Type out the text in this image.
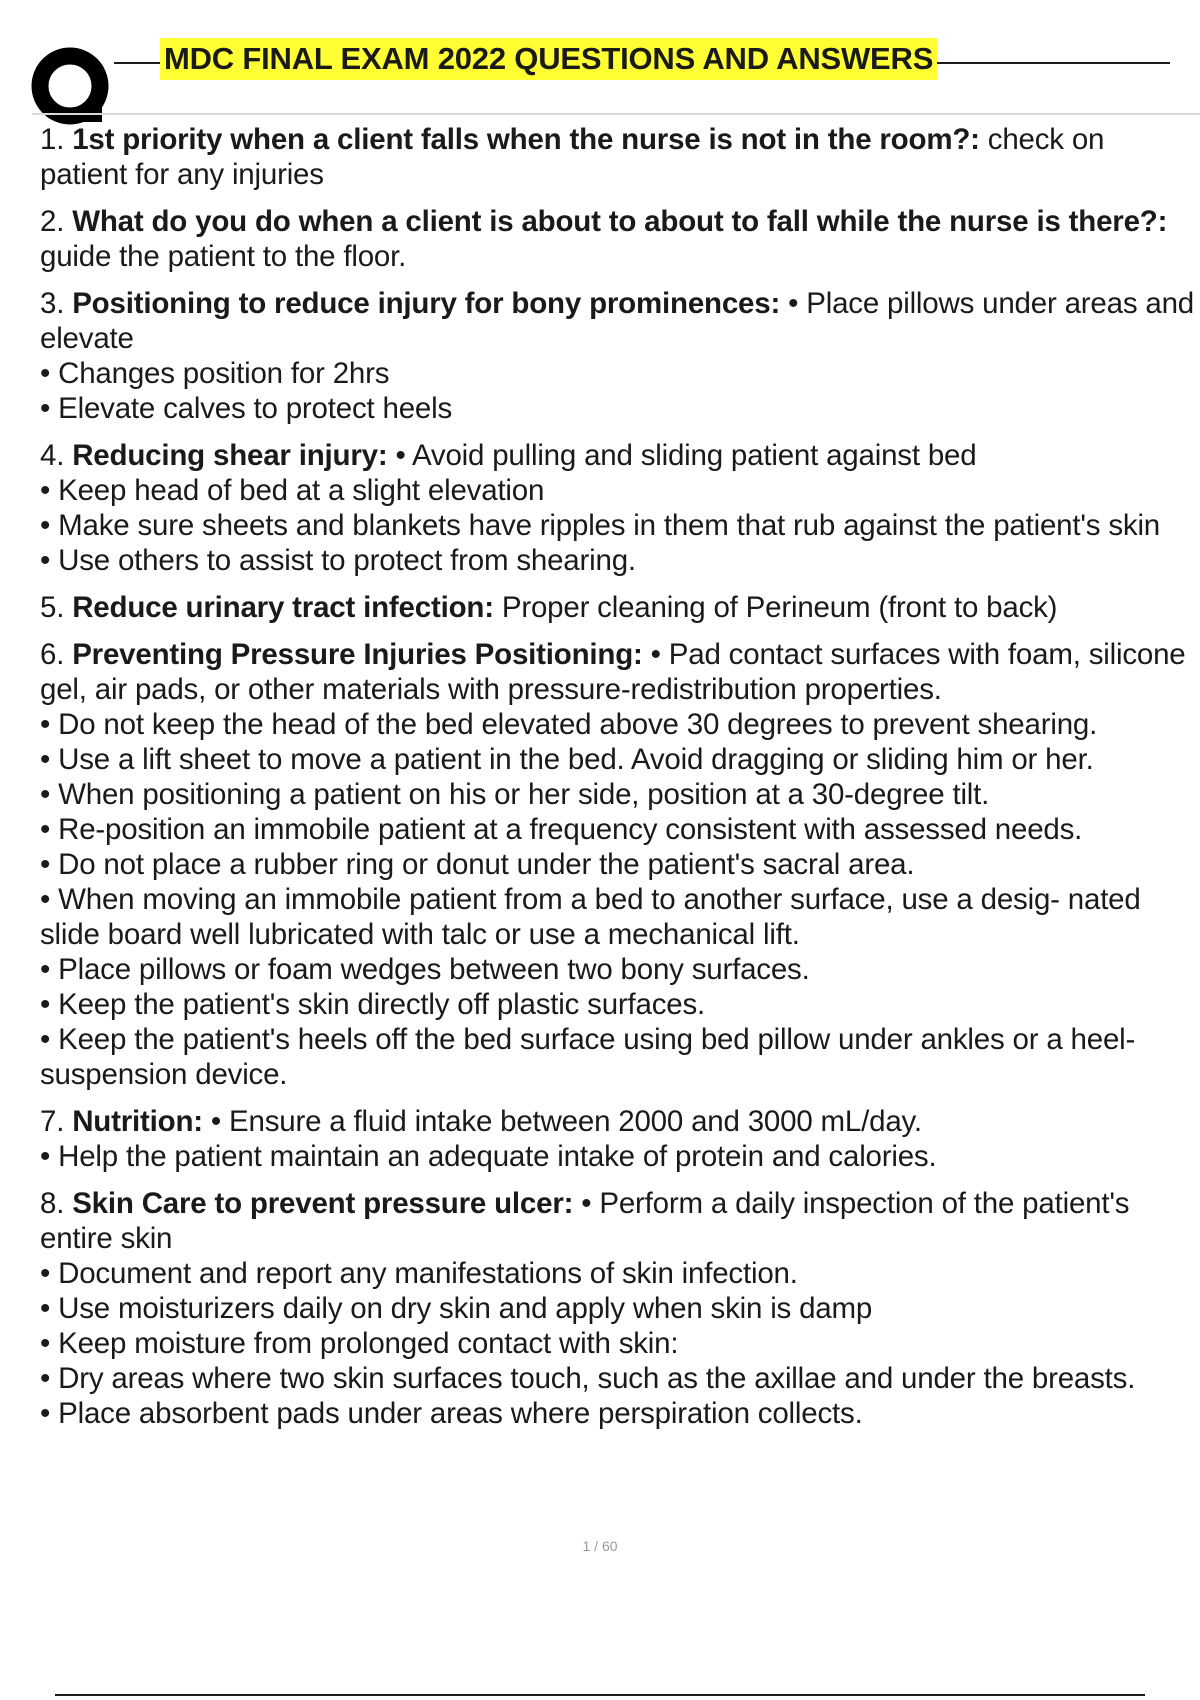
MDC FINAL EXAM 2022 QUESTIONS AND ANSWERS
1. 1st priority when a client falls when the nurse is not in the room?: check on patient for any injuries
2. What do you do when a client is about to about to fall while the nurse is there?: guide the patient to the floor.
3. Positioning to reduce injury for bony prominences: • Place pillows under areas and elevate
• Changes position for 2hrs
• Elevate calves to protect heels
4. Reducing shear injury: • Avoid pulling and sliding patient against bed
• Keep head of bed at a slight elevation
• Make sure sheets and blankets have ripples in them that rub against the patient's skin
• Use others to assist to protect from shearing.
5. Reduce urinary tract infection: Proper cleaning of Perineum (front to back)
6. Preventing Pressure Injuries Positioning: • Pad contact surfaces with foam, silicone gel, air pads, or other materials with pressure-redistribution properties.
• Do not keep the head of the bed elevated above 30 degrees to prevent shearing.
• Use a lift sheet to move a patient in the bed. Avoid dragging or sliding him or her.
• When positioning a patient on his or her side, position at a 30-degree tilt.
• Re-position an immobile patient at a frequency consistent with assessed needs.
• Do not place a rubber ring or donut under the patient's sacral area.
• When moving an immobile patient from a bed to another surface, use a desig- nated slide board well lubricated with talc or use a mechanical lift.
• Place pillows or foam wedges between two bony surfaces.
• Keep the patient's skin directly off plastic surfaces.
• Keep the patient's heels off the bed surface using bed pillow under ankles or a heel-suspension device.
7. Nutrition: • Ensure a fluid intake between 2000 and 3000 mL/day.
• Help the patient maintain an adequate intake of protein and calories.
8. Skin Care to prevent pressure ulcer: • Perform a daily inspection of the patient's entire skin
• Document and report any manifestations of skin infection.
• Use moisturizers daily on dry skin and apply when skin is damp
• Keep moisture from prolonged contact with skin:
• Dry areas where two skin surfaces touch, such as the axillae and under the breasts.
• Place absorbent pads under areas where perspiration collects.
1 / 60
